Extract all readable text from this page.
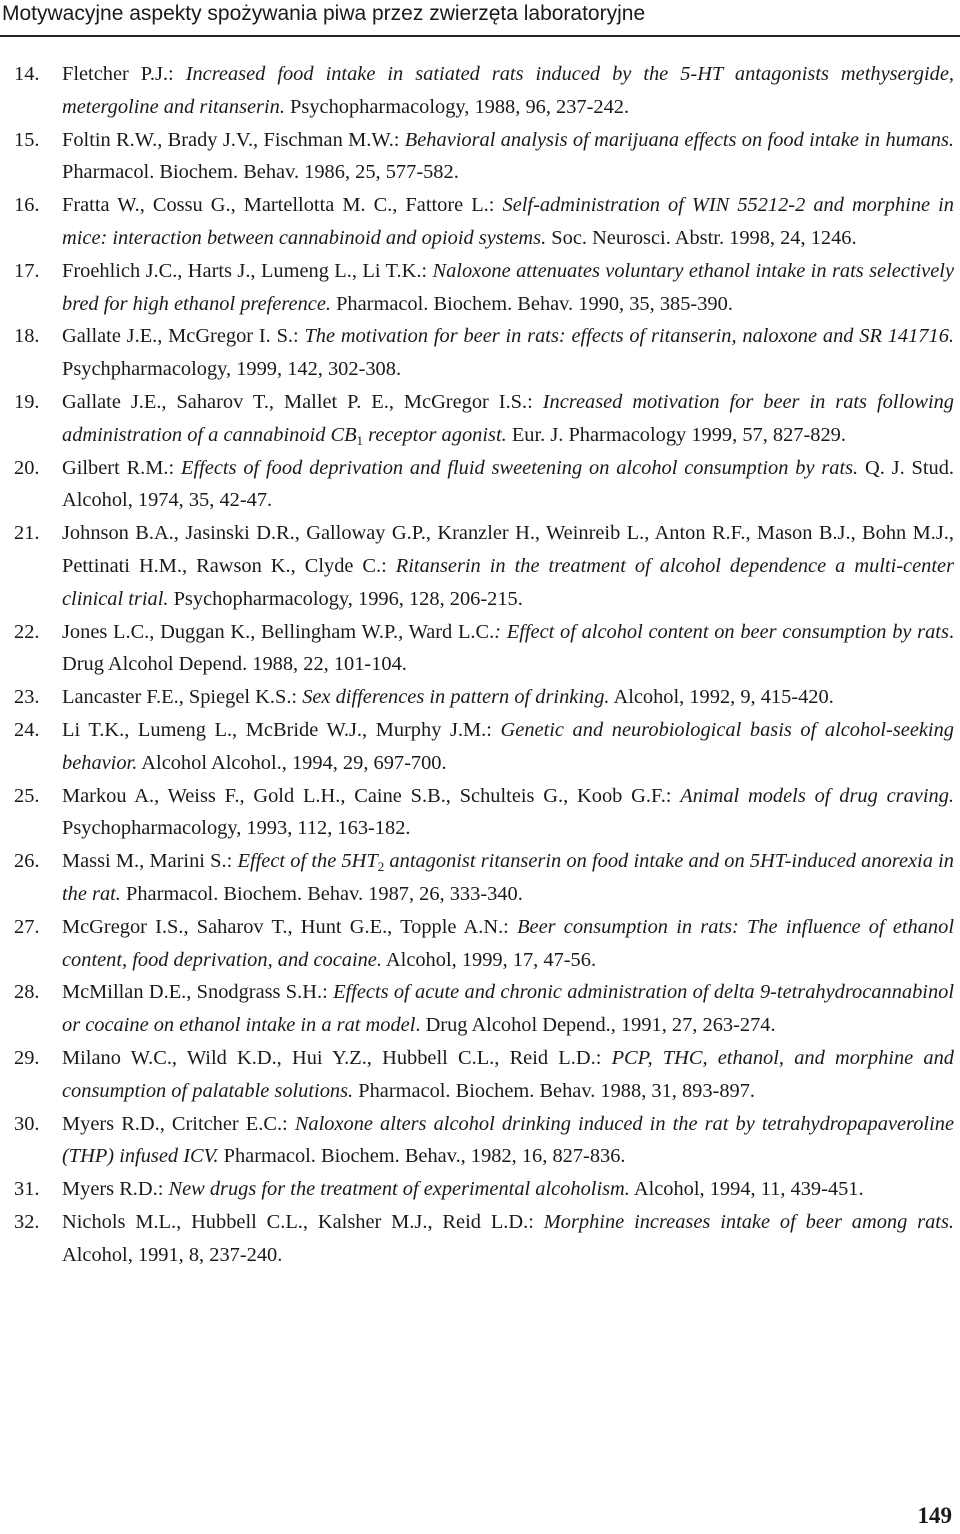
Motywacyjne aspekty spożywania piwa przez zwierzęta laboratoryjne

14. Fletcher P.J.: Increased food intake in satiated rats induced by the 5-HT antagonists methysergide, metergoline and ritanserin. Psychopharmacology, 1988, 96, 237-242.

15. Foltin R.W., Brady J.V., Fischman M.W.: Behavioral analysis of marijuana effects on food intake in humans. Pharmacol. Biochem. Behav. 1986, 25, 577-582.

16. Fratta W., Cossu G., Martellotta M. C., Fattore L.: Self-administration of WIN 55212-2 and morphine in mice: interaction between cannabinoid and opioid systems. Soc. Neurosci. Abstr. 1998, 24, 1246.

17. Froehlich J.C., Harts J., Lumeng L., Li T.K.: Naloxone attenuates voluntary ethanol intake in rats selectively bred for high ethanol preference. Pharmacol. Biochem. Behav. 1990, 35, 385-390.

18. Gallate J.E., McGregor I. S.: The motivation for beer in rats: effects of ritanserin, naloxone and SR 141716. Psychpharmacology, 1999, 142, 302-308.

19. Gallate J.E., Saharov T., Mallet P. E., McGregor I.S.: Increased motivation for beer in rats following administration of a cannabinoid $CB_1$ receptor agonist. Eur. J. Pharmacology 1999, 57, 827-829.

20. Gilbert R.M.: Effects of food deprivation and fluid sweetening on alcohol consumption by rats. Q. J. Stud. Alcohol, 1974, 35, 42-47.

21. Johnson B.A., Jasinski D.R., Galloway G.P., Kranzler H., Weinreib L., Anton R.F., Mason B.J., Bohn M.J., Pettinati H.M., Rawson K., Clyde C.: Ritanserin in the treatment of alcohol dependence a multi-center clinical trial. Psychopharmacology, 1996, 128, 206-215.

22. Jones L.C., Duggan K., Bellingham W.P., Ward L.C.: Effect of alcohol content on beer consumption by rats. Drug Alcohol Depend. 1988, 22, 101-104.

23. Lancaster F.E., Spiegel K.S.: Sex differences in pattern of drinking. Alcohol, 1992, 9, 415-420.

24. Li T.K., Lumeng L., McBride W.J., Murphy J.M.: Genetic and neurobiological basis of alcohol-seeking behavior. Alcohol Alcohol., 1994, 29, 697-700.

25. Markou A., Weiss F., Gold L.H., Caine S.B., Schulteis G., Koob G.F.: Animal models of drug craving. Psychopharmacology, 1993, 112, 163-182.

26. Massi M., Marini S.: Effect of the $5HT_2$ antagonist ritanserin on food intake and on 5HT-induced anorexia in the rat. Pharmacol. Biochem. Behav. 1987, 26, 333-340.

27. McGregor I.S., Saharov T., Hunt G.E., Topple A.N.: Beer consumption in rats: The influence of ethanol content, food deprivation, and cocaine. Alcohol, 1999, 17, 47-56.

28. McMillan D.E., Snodgrass S.H.: Effects of acute and chronic administration of delta 9-tetrahydrocannabinol or cocaine on ethanol intake in a rat model. Drug Alcohol Depend., 1991, 27, 263-274.

29. Milano W.C., Wild K.D., Hui Y.Z., Hubbell C.L., Reid L.D.: PCP, THC, ethanol, and morphine and consumption of palatable solutions. Pharmacol. Biochem. Behav. 1988, 31, 893-897.

30. Myers R.D., Critcher E.C.: Naloxone alters alcohol drinking induced in the rat by tetrahydropapaveroline (THP) infused ICV. Pharmacol. Biochem. Behav., 1982, 16, 827-836.

31. Myers R.D.: New drugs for the treatment of experimental alcoholism. Alcohol, 1994, 11, 439-451.

32. Nichols M.L., Hubbell C.L., Kalsher M.J., Reid L.D.: Morphine increases intake of beer among rats. Alcohol, 1991, 8, 237-240.

149
